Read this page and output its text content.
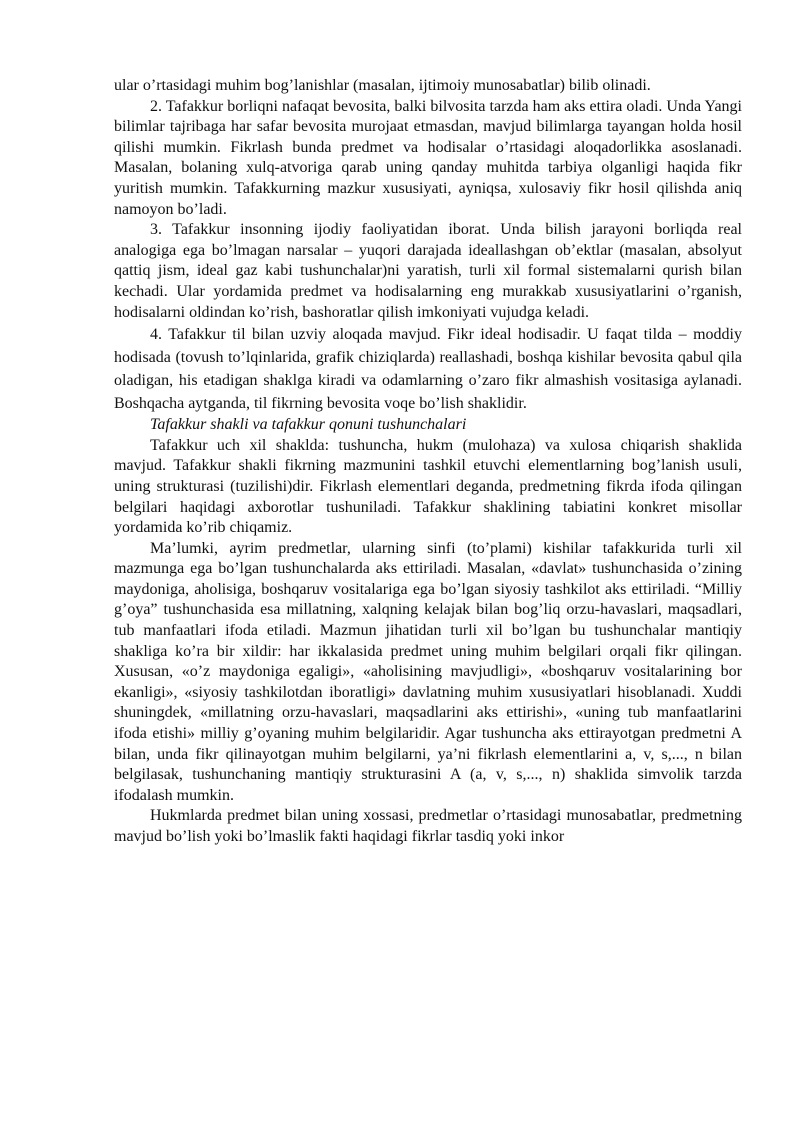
ular o’rtasidagi muhim bog’lanishlar (masalan, ijtimoiy munosabatlar) bilib olinadi.

2. Tafakkur borliqni nafaqat bevosita, balki bilvosita tarzda ham aks ettira oladi. Unda Yangi bilimlar tajribaga har safar bevosita murojaat etmasdan, mavjud bilimlarga tayangan holda hosil qilishi mumkin. Fikrlash bunda predmet va hodisalar o’rtasidagi aloqadorlikka asoslanadi. Masalan, bolaning xulq-atvoriga qarab uning qanday muhitda tarbiya olganligi haqida fikr yuritish mumkin. Tafakkurning mazkur xususiyati, ayniqsa, xulosaviy fikr hosil qilishda aniq namoyon bo’ladi.

3. Tafakkur insonning ijodiy faoliyatidan iborat. Unda bilish jarayoni borliqda real analogiga ega bo’lmagan narsalar – yuqori darajada ideallashgan ob’ektlar (masalan, absolyut qattiq jism, ideal gaz kabi tushunchalar)ni yaratish, turli xil formal sistemalarni qurish bilan kechadi. Ular yordamida predmet va hodisalarning eng murakkab xususiyatlarini o’rganish, hodisalarni oldindan ko’rish, bashoratlar qilish imkoniyati vujudga keladi.

4. Tafakkur til bilan uzviy aloqada mavjud. Fikr ideal hodisadir. U faqat tilda – moddiy hodisada (tovush to’lqinlarida, grafik chiziqlarda) reallashadi, boshqa kishilar bevosita qabul qila oladigan, his etadigan shaklga kiradi va odamlarning o’zaro fikr almashish vositasiga aylanadi. Boshqacha aytganda, til fikrning bevosita voqe bo’lish shaklidir.

Tafakkur shakli va tafakkur qonuni tushunchalari

Tafakkur uch xil shaklda: tushuncha, hukm (mulohaza) va xulosa chiqarish shaklida mavjud. Tafakkur shakli fikrning mazmunini tashkil etuvchi elementlarning bog’lanish usuli, uning strukturasi (tuzilishi)dir. Fikrlash elementlari deganda, predmetning fikrda ifoda qilingan belgilari haqidagi axborotlar tushuniladi. Tafakkur shaklining tabiatini konkret misollar yordamida ko’rib chiqamiz.

Ma’lumki, ayrim predmetlar, ularning sinfi (to’plami) kishilar tafakkurida turli xil mazmunga ega bo’lgan tushunchalarda aks ettiriladi. Masalan, «davlat» tushunchasida o’zining maydoniga, aholisiga, boshqaruv vositalariga ega bo’lgan siyosiy tashkilot aks ettiriladi. “Milliy g’oya” tushunchasida esa millatning, xalqning kelajak bilan bog’liq orzu-havaslari, maqsadlari, tub manfaatlari ifoda etiladi. Mazmun jihatidan turli xil bo’lgan bu tushunchalar mantiqiy shakliga ko’ra bir xildir: har ikkalasida predmet uning muhim belgilari orqali fikr qilingan. Xususan, «o’z maydoniga egaligi», «aholisining mavjudligi», «boshqaruv vositalarining bor ekanligi», «siyosiy tashkilotdan iboratligi» davlatning muhim xususiyatlari hisoblanadi. Xuddi shuningdek, «millatning orzu-havaslari, maqsadlarini aks ettirishi», «uning tub manfaatlarini ifoda etishi» milliy g’oyaning muhim belgilaridir. Agar tushuncha aks ettirayotgan predmetni A bilan, unda fikr qilinayotgan muhim belgilarni, ya’ni fikrlash elementlarini a, v, s,..., n bilan belgilasak, tushunchaning mantiqiy strukturasini A (a, v, s,..., n) shaklida simvolik tarzda ifodalash mumkin.

Hukmlarda predmet bilan uning xossasi, predmetlar o’rtasidagi munosabatlar, predmetning mavjud bo’lish yoki bo’lmaslik fakti haqidagi fikrlar tasdiq yoki inkor
